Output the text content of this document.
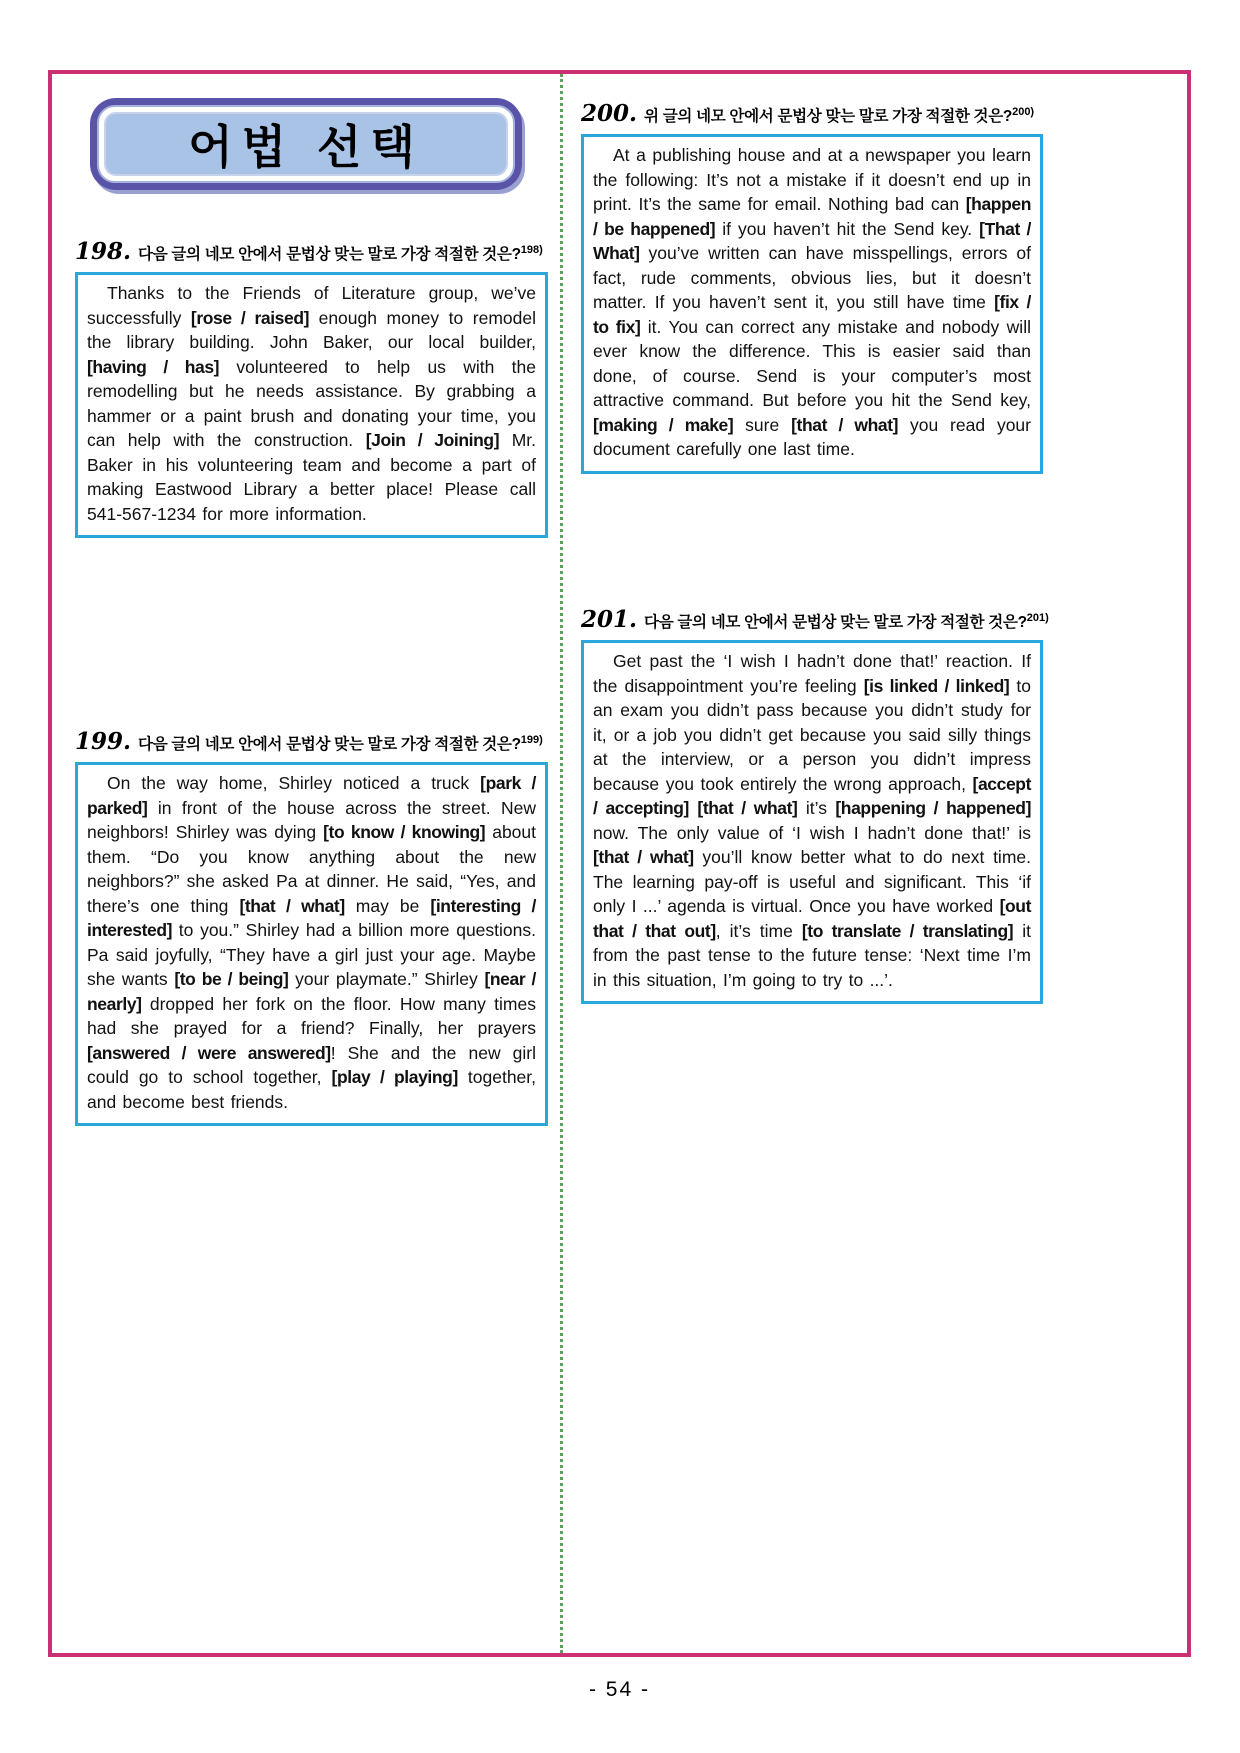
어법 선택
198. 다음 글의 네모 안에서 문법상 맞는 말로 가장 적절한 것은?$^{198)}$

Thanks to the Friends of Literature group, we’ve successfully [rose / raised] enough money to remodel the library building. John Baker, our local builder, [having / has] volunteered to help us with the remodelling but he needs assistance. By grabbing a hammer or a paint brush and donating your time, you can help with the construction. [Join / Joining] Mr. Baker in his volunteering team and become a part of making Eastwood Library a better place! Please call 541-567-1234 for more information.

199. 다음 글의 네모 안에서 문법상 맞는 말로 가장 적절한 것은?$^{199)}$

On the way home, Shirley noticed a truck [park / parked] in front of the house across the street. New neighbors! Shirley was dying [to know / knowing] about them. “Do you know anything about the new neighbors?” she asked Pa at dinner. He said, “Yes, and there’s one thing [that / what] may be [interesting / interested] to you.” Shirley had a billion more questions. Pa said joyfully, “They have a girl just your age. Maybe she wants [to be / being] your playmate.” Shirley [near / nearly] dropped her fork on the floor. How many times had she prayed for a friend? Finally, her prayers [answered / were answered]! She and the new girl could go to school together, [play / playing] together, and become best friends.

200. 위 글의 네모 안에서 문법상 맞는 말로 가장 적절한 것은?$^{200)}$

At a publishing house and at a newspaper you learn the following: It’s not a mistake if it doesn’t end up in print. It’s the same for email. Nothing bad can [happen / be happened] if you haven’t hit the Send key. [That / What] you’ve written can have misspellings, errors of fact, rude comments, obvious lies, but it doesn’t matter. If you haven’t sent it, you still have time [fix / to fix] it. You can correct any mistake and nobody will ever know the difference. This is easier said than done, of course. Send is your computer’s most attractive command. But before you hit the Send key, [making / make] sure [that / what] you read your document carefully one last time.

201. 다음 글의 네모 안에서 문법상 맞는 말로 가장 적절한 것은?$^{201)}$

Get past the ‘I wish I hadn’t done that!’ reaction. If the disappointment you’re feeling [is linked / linked] to an exam you didn’t pass because you didn’t study for it, or a job you didn’t get because you said silly things at the interview, or a person you didn’t impress because you took entirely the wrong approach, [accept / accepting] [that / what] it’s [happening / happened] now. The only value of ‘I wish I hadn’t done that!’ is [that / what] you’ll know better what to do next time. The learning pay-off is useful and significant. This ‘if only I ...’ agenda is virtual. Once you have worked [out that / that out], it’s time [to translate / translating] it from the past tense to the future tense: ‘Next time I’m in this situation, I’m going to try to ...’.

- 54 -
